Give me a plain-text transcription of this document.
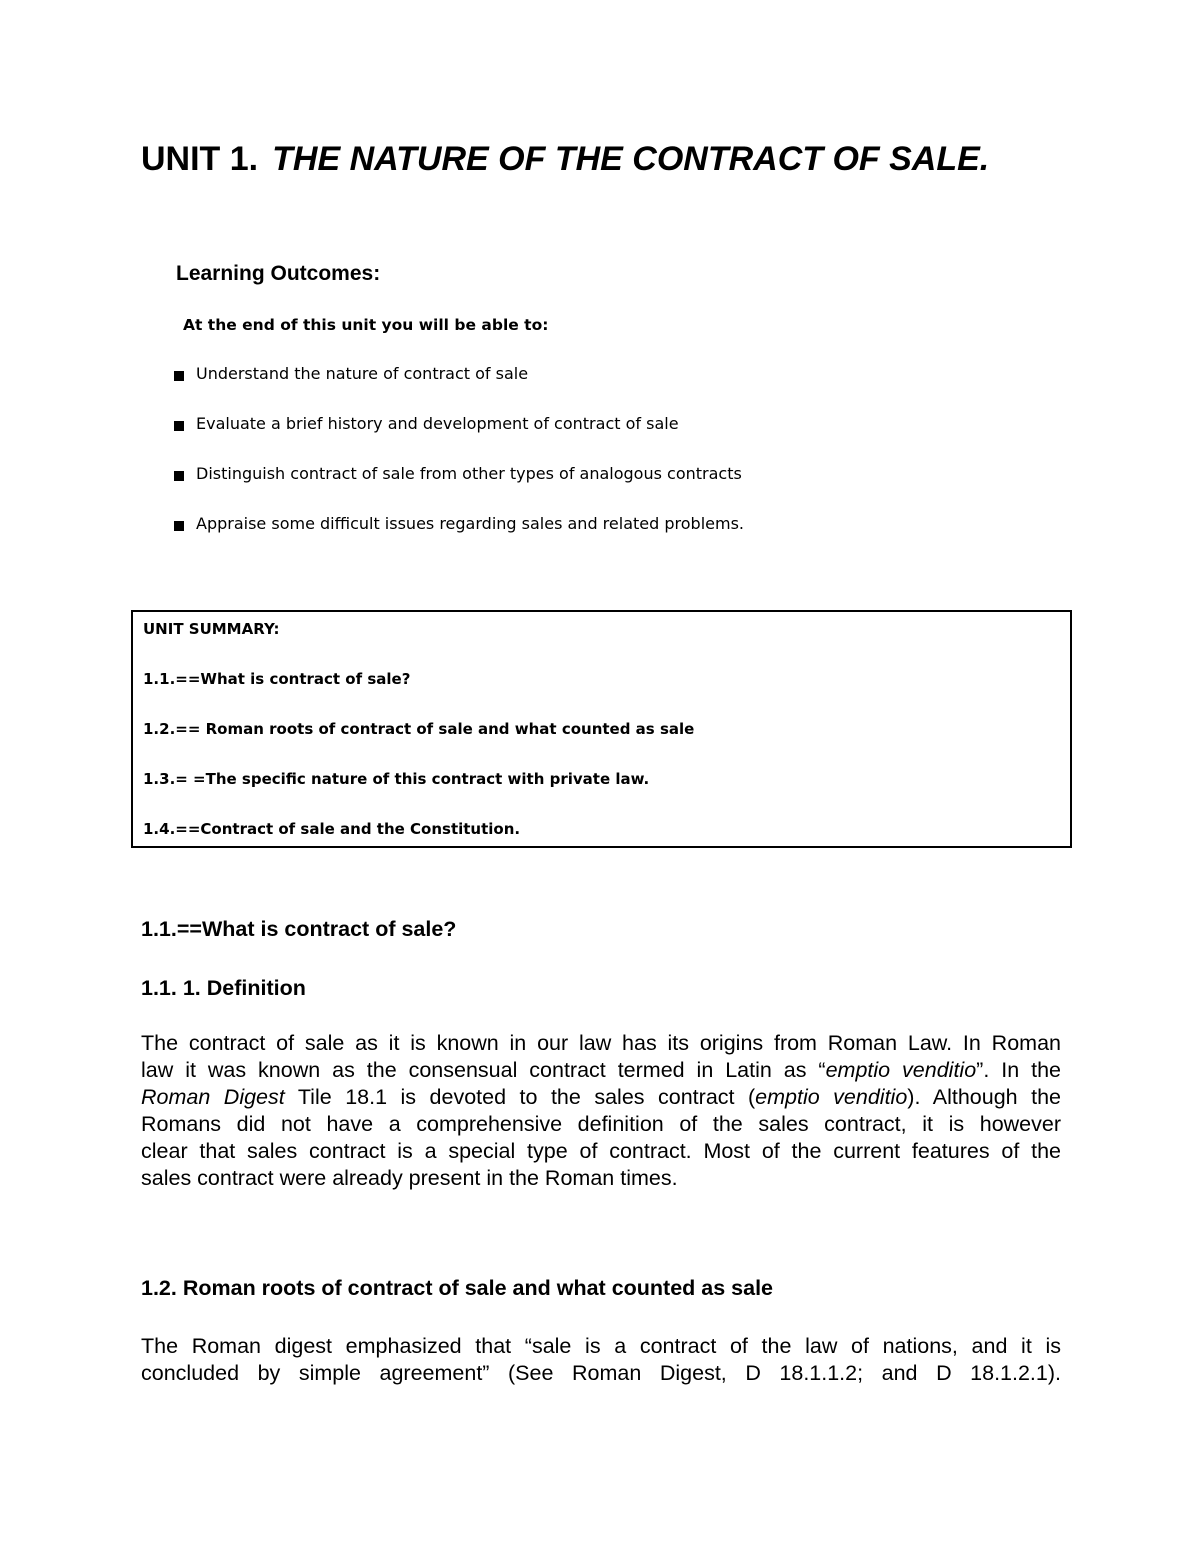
UNIT 1. THE NATURE OF THE CONTRACT OF SALE.
Learning Outcomes:

At the end of this unit you will be able to:

Understand the nature of contract of sale
Evaluate a brief history and development of contract of sale
Distinguish contract of sale from other types of analogous contracts
Appraise some difficult issues regarding sales and related problems.

UNIT SUMMARY:

1.1.==What is contract of sale?
1.2.== Roman roots of contract of sale and what counted as sale
1.3.= =The specific nature of this contract with private law.
1.4.==Contract of sale and the Constitution.
1.1.==What is contract of sale?
1.1. 1. Definition

The contract of sale as it is known in our law has its origins from Roman Law. In Roman
law it was known as the consensual contract termed in Latin as “emptio venditio”. In the
Roman Digest Tile 18.1 is devoted to the sales contract (emptio venditio). Although the
Romans did not have a comprehensive definition of the sales contract, it is however
clear that sales contract is a special type of contract. Most of the current features of the
sales contract were already present in the Roman times.

1.2. Roman roots of contract of sale and what counted as sale

The Roman digest emphasized that “sale is a contract of the law of nations, and it is
concluded by simple agreement” (See Roman Digest, D 18.1.1.2; and D 18.1.2.1).
